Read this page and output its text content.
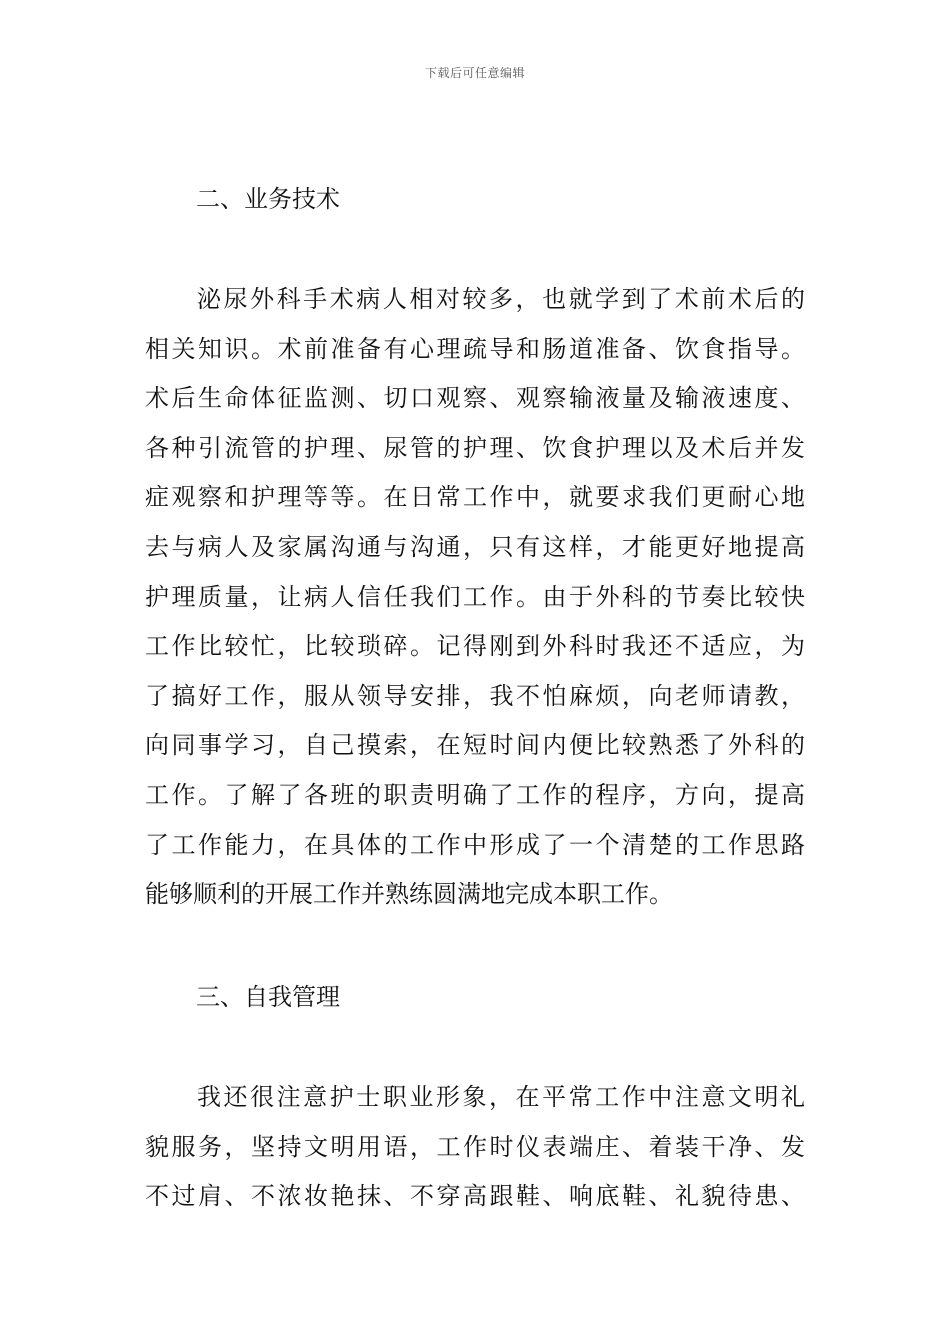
下载后可任意编辑
二、业务技术
泌尿外科手术病人相对较多，也就学到了术前术后的
相关知识。术前准备有心理疏导和肠道准备、饮食指导。
术后生命体征监测、切口观察、观察输液量及输液速度、
各种引流管的护理、尿管的护理、饮食护理以及术后并发
症观察和护理等等。在日常工作中，就要求我们更耐心地
去与病人及家属沟通与沟通，只有这样，才能更好地提高
护理质量，让病人信任我们工作。由于外科的节奏比较快
工作比较忙，比较琐碎。记得刚到外科时我还不适应，为
了搞好工作，服从领导安排，我不怕麻烦，向老师请教，
向同事学习，自己摸索，在短时间内便比较熟悉了外科的
工作。了解了各班的职责明确了工作的程序，方向，提高
了工作能力，在具体的工作中形成了一个清楚的工作思路
能够顺利的开展工作并熟练圆满地完成本职工作。
三、自我管理
我还很注意护士职业形象，在平常工作中注意文明礼
貌服务，坚持文明用语，工作时仪表端庄、着装干净、发
不过肩、不浓妆艳抹、不穿高跟鞋、响底鞋、礼貌待患、
